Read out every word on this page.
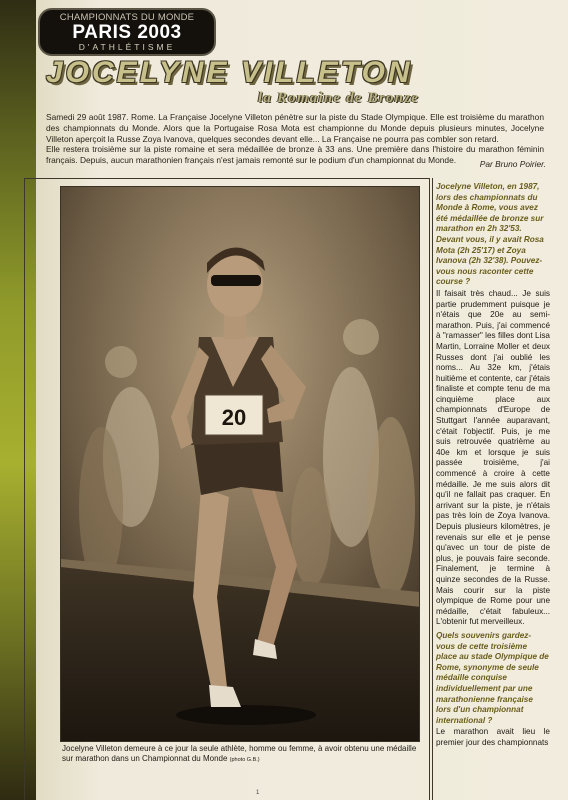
CHAMPIONNATS DU MONDE
PARIS 2003
D'ATHLÉTISME
JOCELYNE VILLETON
la Romaine de Bronze

Samedi 29 août 1987. Rome. La Française Jocelyne Villeton pénètre sur la piste du Stade Olympique. Elle est troisième du marathon des championnats du Monde. Alors que la Portugaise Rosa Mota est championne du Monde depuis plusieurs minutes, Jocelyne Villeton aperçoit la Russe Zoya Ivanova, quelques secondes devant elle... La Française ne pourra pas combler son retard.

Elle restera troisième sur la piste romaine et sera médaillée de bronze à 33 ans. Une première dans l'histoire du marathon féminin français. Depuis, aucun marathonien français n'est jamais remonté sur le podium d'un championnat du Monde.	Par Bruno Poirier.
20
Jocelyne Villeton demeure à ce jour la seule athlète, homme ou femme, à avoir obtenu une médaille sur marathon dans un Championnat du Monde (photo G.B.)
Jocelyne Villeton, en 1987, lors des championnats du Monde à Rome, vous avez été médaillée de bronze sur marathon en 2h 32'53. Devant vous, il y avait Rosa Mota (2h 25'17) et Zoya Ivanova (2h 32'38). Pouvez-vous nous raconter cette course ?
Il faisait très chaud... Je suis partie prudemment puisque je n'étais que 20e au semi-marathon. Puis, j'ai commencé à "ramasser" les filles dont Lisa Martin, Lorraine Moller et deux Russes dont j'ai oublié les noms... Au 32e km, j'étais huitième et contente, car j'étais finaliste et compte tenu de ma cinquième place aux championnats d'Europe de Stuttgart l'année auparavant, c'était l'objectif. Puis, je me suis retrouvée quatrième au 40e km et lorsque je suis passée troisième, j'ai commencé à croire à cette médaille. Je me suis alors dit qu'il ne fallait pas craquer. En arrivant sur la piste, je n'étais pas très loin de Zoya Ivanova. Depuis plusieurs kilomètres, je revenais sur elle et je pense qu'avec un tour de piste de plus, je pouvais faire seconde. Finalement, je termine à quinze secondes de la Russe. Mais courir sur la piste olympique de Rome pour une médaille, c'était fabuleux... L'obtenir fut merveilleux.
Quels souvenirs gardez-vous de cette troisième place au stade Olympique de Rome, synonyme de seule médaille conquise individuellement par une marathonienne française lors d'un championnat international ?
Le marathon avait lieu le premier jour des championnats
1
